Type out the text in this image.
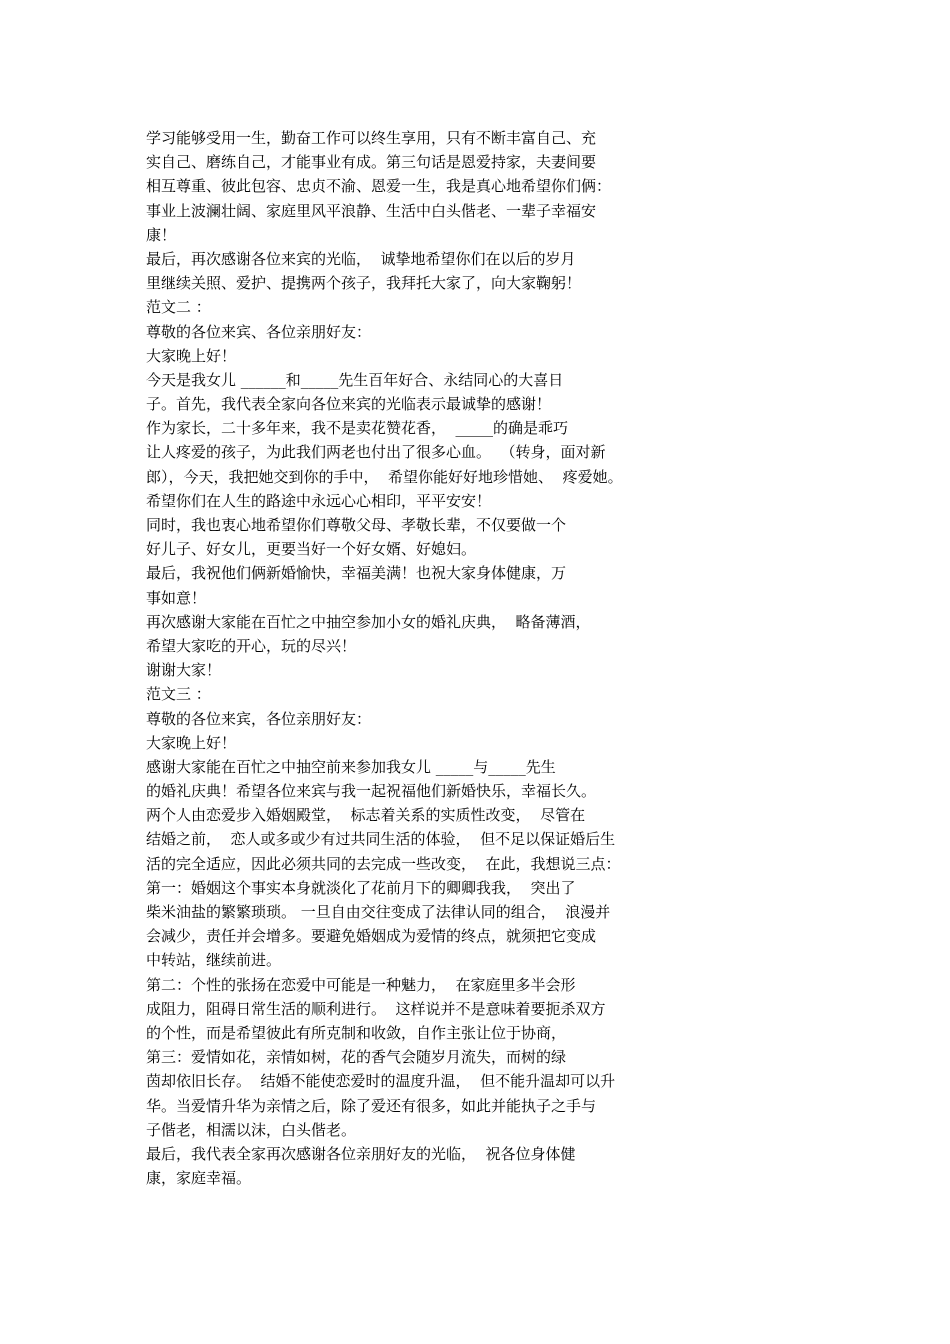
学习能够受用一生，勤奋工作可以终生享用，只有不断丰富自己、充
实自己、磨练自己，才能事业有成。第三句话是恩爱持家，夫妻间要
相互尊重、彼此包容、忠贞不渝、恩爱一生，我是真心地希望你们俩：
事业上波澜壮阔、家庭里风平浪静、生活中白头偕老、一辈子幸福安
康！
最后，再次感谢各位来宾的光临，  诚挚地希望你们在以后的岁月
里继续关照、爱护、提携两个孩子，我拜托大家了，向大家鞠躬！
范文二 ：
尊敬的各位来宾、各位亲朋好友：
大家晚上好！
今天是我女儿 ______和_____先生百年好合、永结同心的大喜日
子。首先，我代表全家向各位来宾的光临表示最诚挚的感谢！
作为家长，二十多年来，我不是卖花赞花香，  _____的确是乖巧
让人疼爱的孩子，为此我们两老也付出了很多心血。  （转身，面对新
郎），今天，我把她交到你的手中，  希望你能好好地珍惜她、  疼爱她。
希望你们在人生的路途中永远心心相印，平平安安！
同时，我也衷心地希望你们尊敬父母、孝敬长辈，不仅要做一个
好儿子、好女儿，更要当好一个好女婿、好媳妇。
最后，我祝他们俩新婚愉快，幸福美满！也祝大家身体健康，万
事如意！
再次感谢大家能在百忙之中抽空参加小女的婚礼庆典，  略备薄酒，
希望大家吃的开心，玩的尽兴！
谢谢大家！
范文三 ：
尊敬的各位来宾，各位亲朋好友：
大家晚上好！
感谢大家能在百忙之中抽空前来参加我女儿 _____与_____先生
的婚礼庆典！希望各位来宾与我一起祝福他们新婚快乐，幸福长久。
两个人由恋爱步入婚姻殿堂，  标志着关系的实质性改变，  尽管在
结婚之前，  恋人或多或少有过共同生活的体验，  但不足以保证婚后生
活的完全适应，因此必须共同的去完成一些改变，  在此，我想说三点：
第一：婚姻这个事实本身就淡化了花前月下的卿卿我我，  突出了
柴米油盐的繁繁琐琐。 一旦自由交往变成了法律认同的组合，  浪漫并
会减少，责任并会增多。要避免婚姻成为爱情的终点，就须把它变成
中转站，继续前进。
第二：个性的张扬在恋爱中可能是一种魅力，  在家庭里多半会形
成阻力，阻碍日常生活的顺利进行。  这样说并不是意味着要扼杀双方
的个性，而是希望彼此有所克制和收敛，自作主张让位于协商，
第三：爱情如花，亲情如树，花的香气会随岁月流失，而树的绿
茵却依旧长存。  结婚不能使恋爱时的温度升温，  但不能升温却可以升
华。当爱情升华为亲情之后，除了爱还有很多，如此并能执子之手与
子偕老，相濡以沫，白头偕老。
最后，我代表全家再次感谢各位亲朋好友的光临，  祝各位身体健
康，家庭幸福。
